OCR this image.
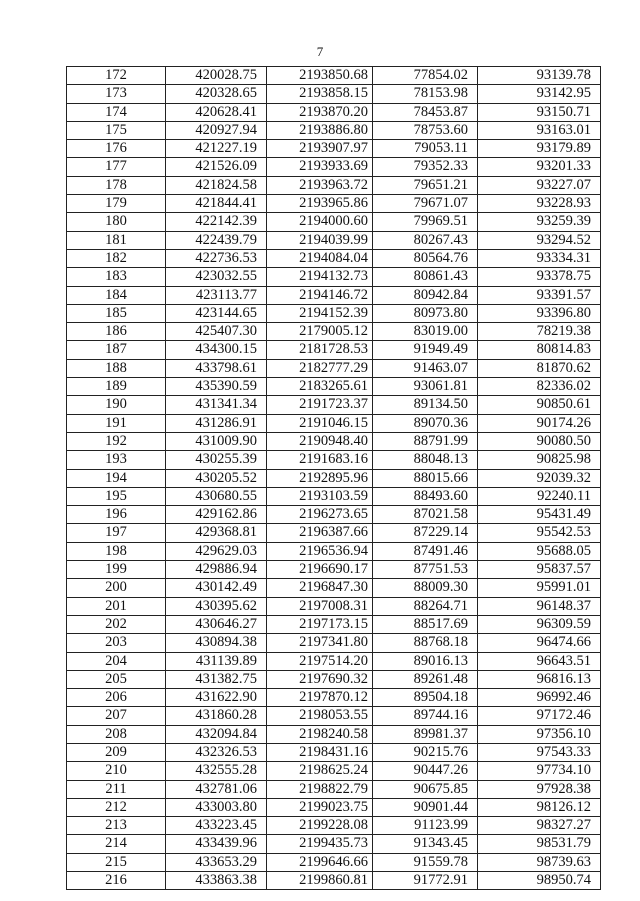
7
172	420028.75	2193850.68	77854.02	93139.78
173	420328.65	2193858.15	78153.98	93142.95
174	420628.41	2193870.20	78453.87	93150.71
175	420927.94	2193886.80	78753.60	93163.01
176	421227.19	2193907.97	79053.11	93179.89
177	421526.09	2193933.69	79352.33	93201.33
178	421824.58	2193963.72	79651.21	93227.07
179	421844.41	2193965.86	79671.07	93228.93
180	422142.39	2194000.60	79969.51	93259.39
181	422439.79	2194039.99	80267.43	93294.52
182	422736.53	2194084.04	80564.76	93334.31
183	423032.55	2194132.73	80861.43	93378.75
184	423113.77	2194146.72	80942.84	93391.57
185	423144.65	2194152.39	80973.80	93396.80
186	425407.30	2179005.12	83019.00	78219.38
187	434300.15	2181728.53	91949.49	80814.83
188	433798.61	2182777.29	91463.07	81870.62
189	435390.59	2183265.61	93061.81	82336.02
190	431341.34	2191723.37	89134.50	90850.61
191	431286.91	2191046.15	89070.36	90174.26
192	431009.90	2190948.40	88791.99	90080.50
193	430255.39	2191683.16	88048.13	90825.98
194	430205.52	2192895.96	88015.66	92039.32
195	430680.55	2193103.59	88493.60	92240.11
196	429162.86	2196273.65	87021.58	95431.49
197	429368.81	2196387.66	87229.14	95542.53
198	429629.03	2196536.94	87491.46	95688.05
199	429886.94	2196690.17	87751.53	95837.57
200	430142.49	2196847.30	88009.30	95991.01
201	430395.62	2197008.31	88264.71	96148.37
202	430646.27	2197173.15	88517.69	96309.59
203	430894.38	2197341.80	88768.18	96474.66
204	431139.89	2197514.20	89016.13	96643.51
205	431382.75	2197690.32	89261.48	96816.13
206	431622.90	2197870.12	89504.18	96992.46
207	431860.28	2198053.55	89744.16	97172.46
208	432094.84	2198240.58	89981.37	97356.10
209	432326.53	2198431.16	90215.76	97543.33
210	432555.28	2198625.24	90447.26	97734.10
211	432781.06	2198822.79	90675.85	97928.38
212	433003.80	2199023.75	90901.44	98126.12
213	433223.45	2199228.08	91123.99	98327.27
214	433439.96	2199435.73	91343.45	98531.79
215	433653.29	2199646.66	91559.78	98739.63
216	433863.38	2199860.81	91772.91	98950.74
